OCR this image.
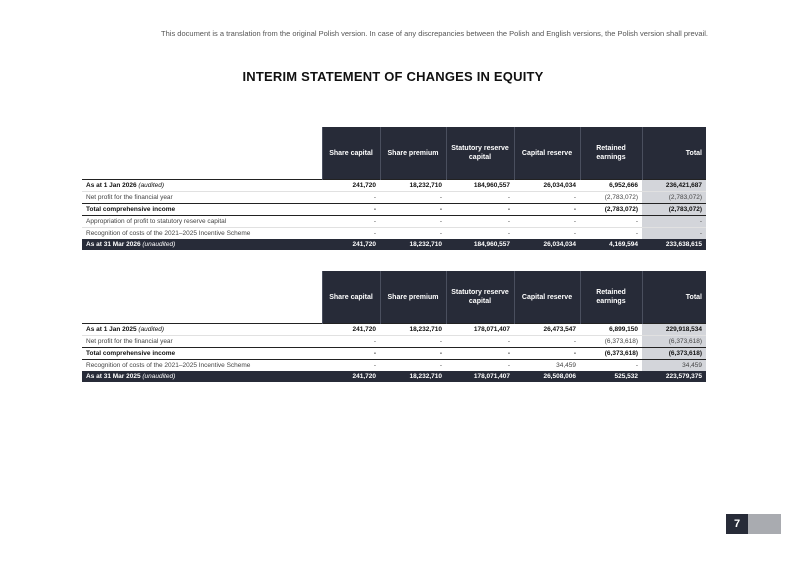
This document is a translation from the original Polish version. In case of any discrepancies between the Polish and English versions, the Polish version shall prevail.
INTERIM STATEMENT OF CHANGES IN EQUITY
	Share capital	Share premium	Statutory reserve capital	Capital reserve	Retained earnings	Total
As at 1 Jan 2026 (audited)	241,720	18,232,710	184,960,557	26,034,034	6,952,666	236,421,687
Net profit for the financial year	-	-	-	-	(2,783,072)	(2,783,072)
Total comprehensive income	-	-	-	-	(2,783,072)	(2,783,072)
Appropriation of profit to statutory reserve capital	-	-	-	-	-	-
Recognition of costs of the 2021–2025 Incentive Scheme	-	-	-	-	-	-
As at 31 Mar 2026 (unaudited)	241,720	18,232,710	184,960,557	26,034,034	4,169,594	233,638,615
	Share capital	Share premium	Statutory reserve capital	Capital reserve	Retained earnings	Total
As at 1 Jan 2025 (audited)	241,720	18,232,710	178,071,407	26,473,547	6,899,150	229,918,534
Net profit for the financial year	-	-	-	-	(6,373,618)	(6,373,618)
Total comprehensive income	-	-	-	-	(6,373,618)	(6,373,618)
Recognition of costs of the 2021–2025 Incentive Scheme	-	-	-	34,459	-	34,459
As at 31 Mar 2025 (unaudited)	241,720	18,232,710	178,071,407	26,508,006	525,532	223,579,375
7
